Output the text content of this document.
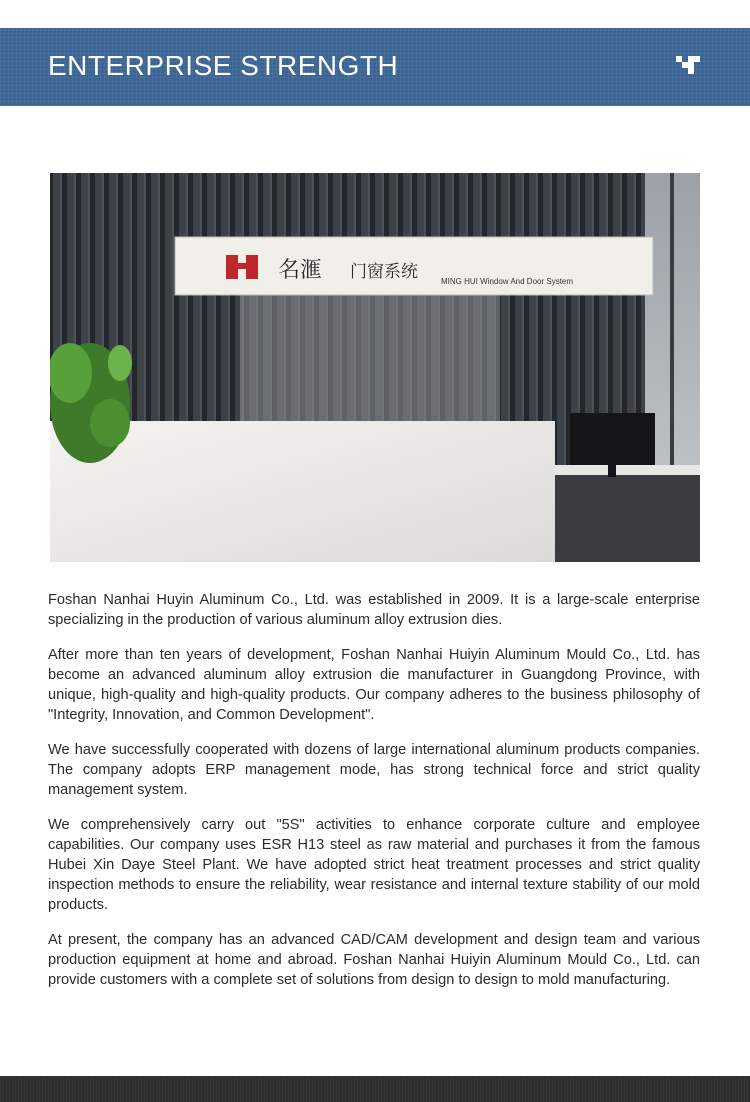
ENTERPRISE STRENGTH
名滙 门窗系统	MING HUI Window And Door System

Foshan Nanhai Huyin Aluminum Co., Ltd. was established in 2009. It is a large-scale enterprise specializing in the production of various aluminum alloy extrusion dies.

After more than ten years of development, Foshan Nanhai Huiyin Aluminum Mould Co., Ltd. has become an advanced aluminum alloy extrusion die manufacturer in Guangdong Province, with unique, high-quality and high-quality products. Our company adheres to the business philosophy of "Integrity, Innovation, and Common Development".

We have successfully cooperated with dozens of large international aluminum products companies. The company adopts ERP management mode, has strong technical force and strict quality management system.

We comprehensively carry out "5S" activities to enhance corporate culture and employee capabilities. Our company uses ESR H13 steel as raw material and purchases it from the famous Hubei Xin Daye Steel Plant. We have adopted strict heat treatment processes and strict quality inspection methods to ensure the reliability, wear resistance and internal texture stability of our mold products.

At present, the company has an advanced CAD/CAM development and design team and various production equipment at home and abroad. Foshan Nanhai Huiyin Aluminum Mould Co., Ltd. can provide customers with a complete set of solutions from design to design to mold manufacturing.
